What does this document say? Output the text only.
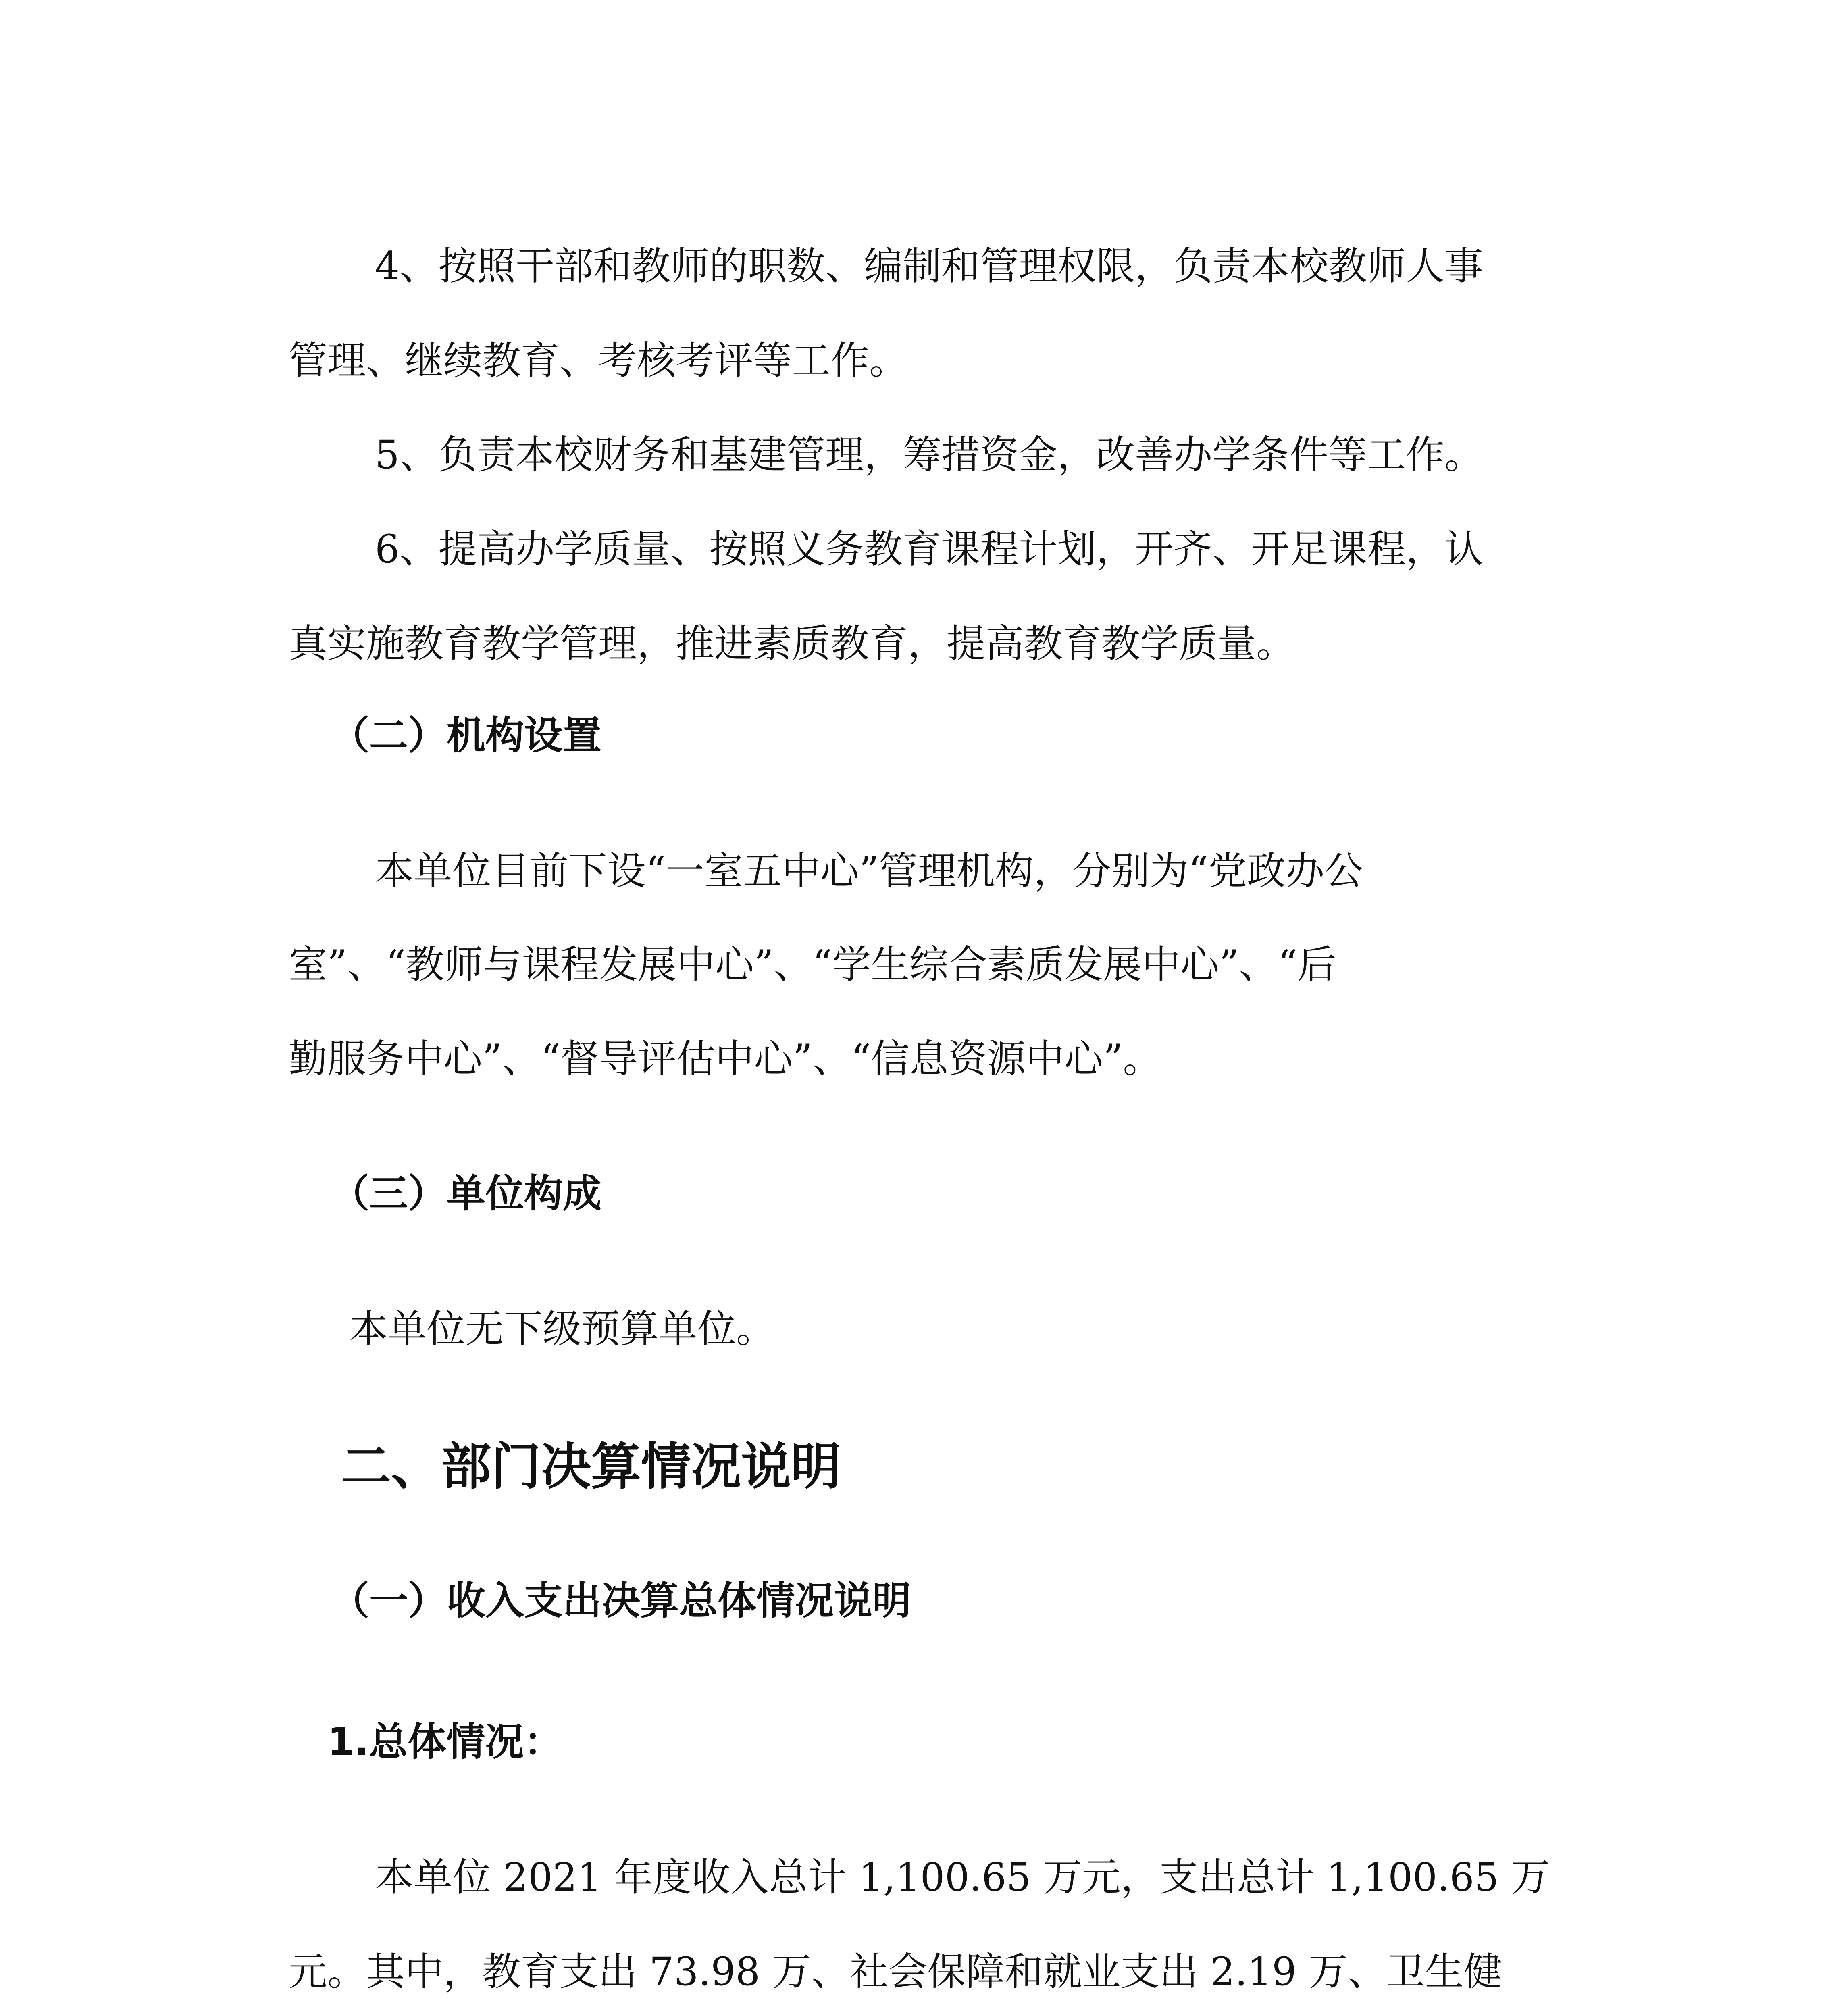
4、按照干部和教师的职数、编制和管理权限，负责本校教师人事
管理、继续教育、考核考评等工作。
5、负责本校财务和基建管理，筹措资金，改善办学条件等工作。
6、提高办学质量、按照义务教育课程计划，开齐、开足课程，认
真实施教育教学管理，推进素质教育，提高教育教学质量。
（二）机构设置
本单位目前下设“一室五中心”管理机构，分别为“党政办公
室”、“教师与课程发展中心”、“学生综合素质发展中心”、“后
勤服务中心”、“督导评估中心”、“信息资源中心”。
（三）单位构成
本单位无下级预算单位。
二、部门决算情况说明
（一）收入支出决算总体情况说明
1.总体情况：
本单位 2021 年度收入总计 1,100.65 万元，支出总计 1,100.65 万
元。其中，教育支出 73.98 万、社会保障和就业支出 2.19 万、卫生健
